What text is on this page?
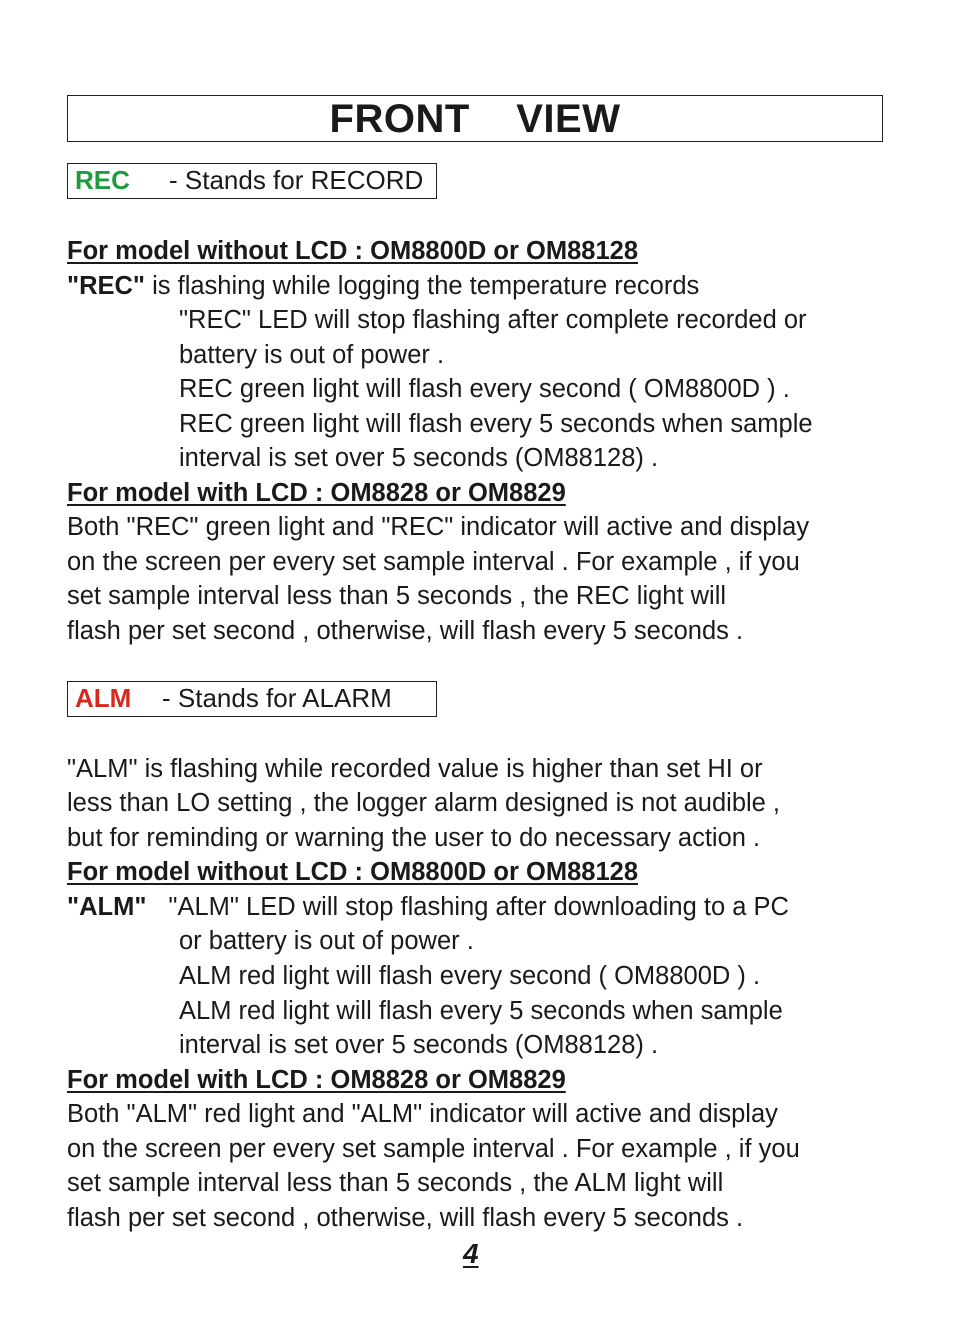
FRONT    VIEW
REC - Stands for RECORD

For model without LCD : OM8800D or OM88128

"REC" is flashing while logging the temperature records

"REC" LED will stop flashing after complete recorded or

battery is out of power .

REC green light will flash every second ( OM8800D ) .

REC green light will flash every 5 seconds when sample

interval is set over 5 seconds (OM88128) .

For model with LCD : OM8828 or OM8829

Both "REC" green light and "REC" indicator will active and display

on the screen per every set sample interval . For example , if you

set sample interval less than 5 seconds , the REC light will

flash per set second , otherwise, will flash every 5 seconds .

ALM - Stands for ALARM

"ALM" is flashing while recorded value is higher than set HI or

less than LO setting , the logger alarm designed is not audible ,

but for reminding or warning the user to do necessary action .

For model without LCD : OM8800D or OM88128

"ALM" "ALM" LED will stop flashing after downloading to a PC

or battery is out of power .

ALM red light will flash every second ( OM8800D ) .

ALM red light will flash every 5 seconds when sample

interval is set over 5 seconds (OM88128) .

For model with LCD : OM8828 or OM8829

Both "ALM" red light and "ALM" indicator will active and display

on the screen per every set sample interval . For example , if you

set sample interval less than 5 seconds , the ALM light will

flash per set second , otherwise, will flash every 5 seconds .

4
